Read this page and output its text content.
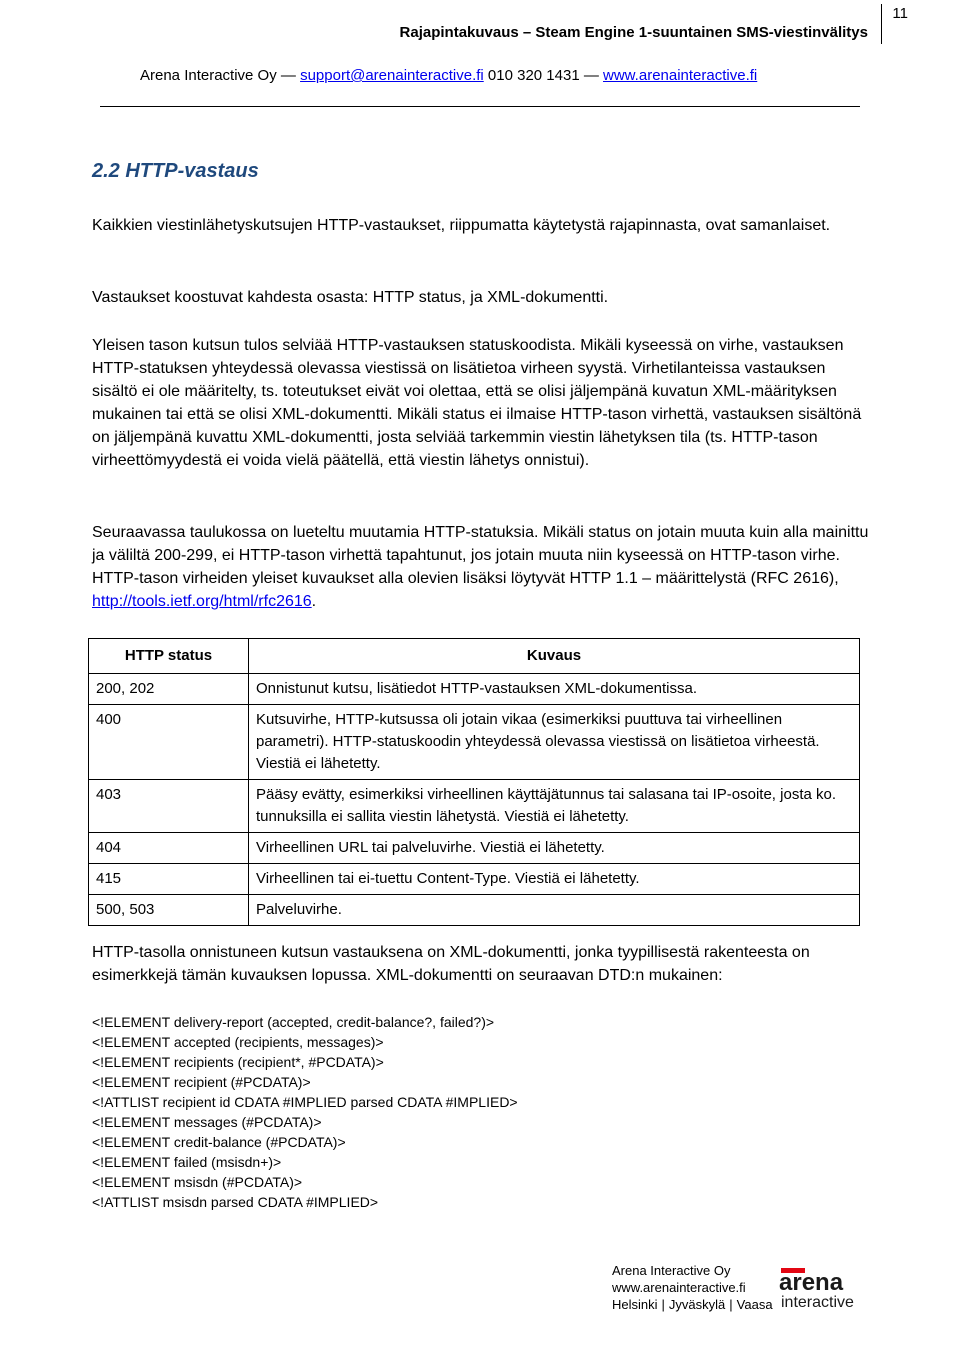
11
Rajapintakuvaus – Steam Engine 1-suuntainen SMS-viestinvälitys
Arena Interactive Oy — support@arenainteractive.fi 010 320 1431 — www.arenainteractive.fi
2.2 HTTP-vastaus

Kaikkien viestinlähetyskutsujen HTTP-vastaukset, riippumatta käytetystä rajapinnasta, ovat samanlaiset.

Vastaukset koostuvat kahdesta osasta: HTTP status, ja XML-dokumentti.

Yleisen tason kutsun tulos selviää HTTP-vastauksen statuskoodista. Mikäli kyseessä on virhe, vastauksen HTTP-statuksen yhteydessä olevassa viestissä on lisätietoa virheen syystä. Virhetilanteissa vastauksen sisältö ei ole määritelty, ts. toteutukset eivät voi olettaa, että se olisi jäljempänä kuvatun XML-määrityksen mukainen tai että se olisi XML-dokumentti. Mikäli status ei ilmaise HTTP-tason virhettä, vastauksen sisältönä on jäljempänä kuvattu XML-dokumentti, josta selviää tarkemmin viestin lähetyksen tila (ts. HTTP-tason virheettömyydestä ei voida vielä päätellä, että viestin lähetys onnistui).

Seuraavassa taulukossa on lueteltu muutamia HTTP-statuksia. Mikäli status on jotain muuta kuin alla mainittu ja väliltä 200-299, ei HTTP-tason virhettä tapahtunut, jos jotain muuta niin kyseessä on HTTP-tason virhe. HTTP-tason virheiden yleiset kuvaukset alla olevien lisäksi löytyvät HTTP 1.1 – määrittelystä (RFC 2616), http://tools.ietf.org/html/rfc2616.

HTTP status	Kuvaus
200, 202	Onnistunut kutsu, lisätiedot HTTP-vastauksen XML-dokumentissa.
400	Kutsuvirhe, HTTP-kutsussa oli jotain vikaa (esimerkiksi puuttuva tai virheellinen parametri). HTTP-statuskoodin yhteydessä olevassa viestissä on lisätietoa virheestä. Viestiä ei lähetetty.
403	Pääsy evätty, esimerkiksi virheellinen käyttäjätunnus tai salasana tai IP-osoite, josta ko. tunnuksilla ei sallita viestin lähetystä. Viestiä ei lähetetty.
404	Virheellinen URL tai palveluvirhe. Viestiä ei lähetetty.
415	Virheellinen tai ei-tuettu Content-Type. Viestiä ei lähetetty.
500, 503	Palveluvirhe.

HTTP-tasolla onnistuneen kutsun vastauksena on XML-dokumentti, jonka tyypillisestä rakenteesta on esimerkkejä tämän kuvauksen lopussa. XML-dokumentti on seuraavan DTD:n mukainen:

<!ELEMENT delivery-report (accepted, credit-balance?, failed?)>
<!ELEMENT accepted (recipients, messages)>
<!ELEMENT recipients (recipient*, #PCDATA)>
<!ELEMENT recipient (#PCDATA)>
<!ATTLIST recipient id CDATA #IMPLIED parsed CDATA #IMPLIED>
<!ELEMENT messages (#PCDATA)>
<!ELEMENT credit-balance (#PCDATA)>
<!ELEMENT failed (msisdn+)>
<!ELEMENT msisdn (#PCDATA)>
<!ATTLIST msisdn parsed CDATA #IMPLIED>
Arena Interactive Oy
www.arenainteractive.fi
Helsinki | Jyväskylä | Vaasa
arena
interactive
